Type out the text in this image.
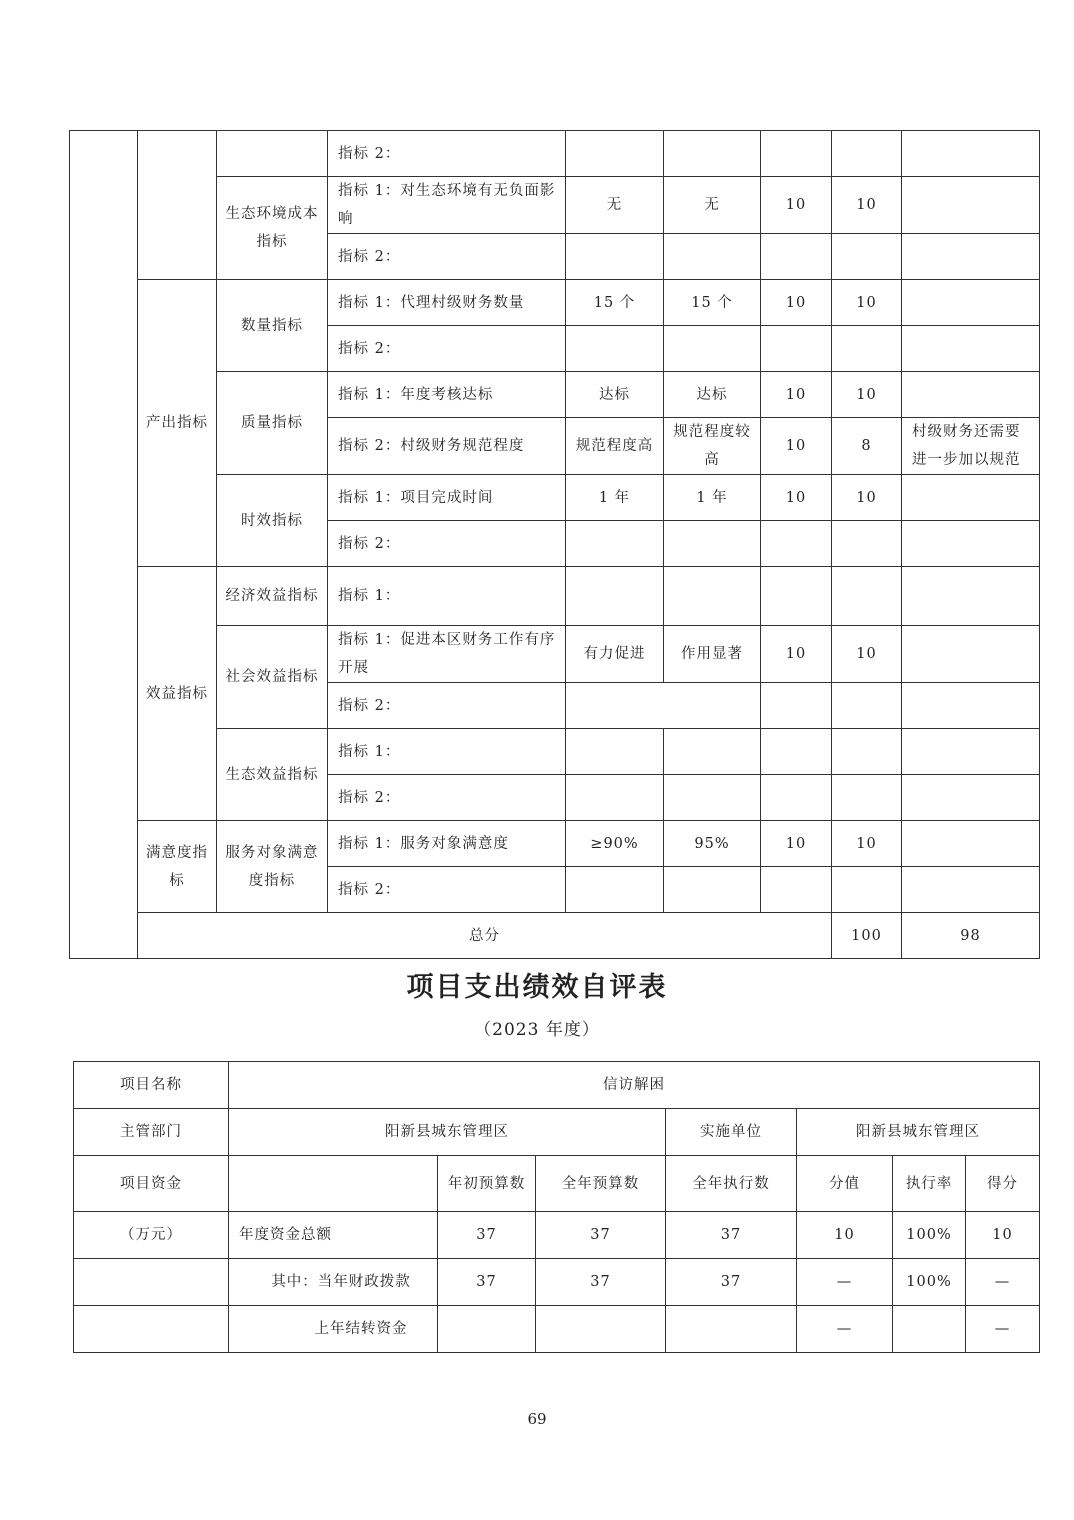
			指标 2：						
		生态环境成本指标	指标 1：对生态环境有无负面影响	无	无	10	10		
			指标 2：						
	产出指标	数量指标	指标 1：代理村级财务数量	15 个	15 个	10	10		
			指标 2：						
		质量指标	指标 1：年度考核达标	达标	达标	10	10		
			指标 2：村级财务规范程度	规范程度高	规范程度较高	10	8	村级财务还需要进一步加以规范	
		时效指标	指标 1：项目完成时间	1 年	1 年	10	10		
			指标 2：						
	效益指标	经济效益指标	指标 1：						
		社会效益指标	指标 1：促进本区财务工作有序开展	有力促进	作用显著	10	10		
			指标 2：						
		生态效益指标	指标 1：						
			指标 2：						
	满意度指标	服务对象满意度指标	指标 1：服务对象满意度	≥90%	95%	10	10		
			指标 2：						
	总分						100	98	
项目支出绩效自评表
（2023 年度）
项目名称	信访解困						
主管部门	阳新县城东管理区			实施单位	阳新县城东管理区		
项目资金		年初预算数	全年预算数	全年执行数	分值	执行率	得分
（万元）	年度资金总额	37	37	37	10	100%	10
	其中：当年财政拨款	37	37	37	—	100%	—
	上年结转资金				—		—
69
